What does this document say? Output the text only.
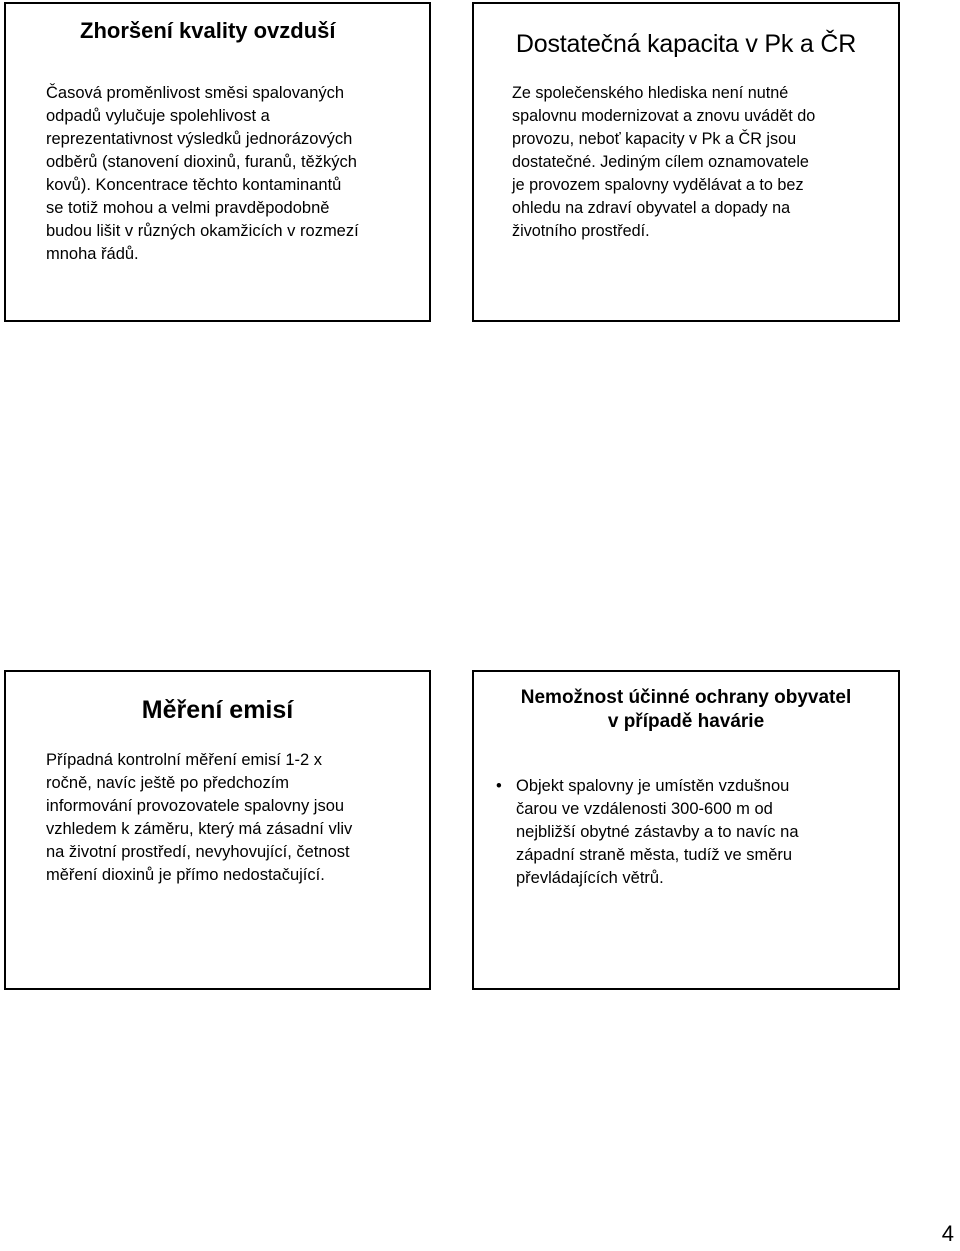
Zhoršení kvality ovzduší

Časová proměnlivost směsi spalovaných
odpadů vylučuje spolehlivost a
reprezentativnost výsledků jednorázových
odběrů (stanovení dioxinů, furanů, těžkých
kovů). Koncentrace těchto kontaminantů
se totiž mohou a velmi pravděpodobně
budou lišit v různých okamžicích v rozmezí
mnoha řádů.

Dostatečná kapacita v Pk a ČR

Ze společenského hlediska není nutné
spalovnu modernizovat a znovu uvádět do
provozu, neboť kapacity v Pk a ČR jsou
dostatečné. Jediným cílem oznamovatele
je provozem spalovny vydělávat a to bez
ohledu na zdraví obyvatel a dopady na
životního prostředí.

Měření emisí

Případná kontrolní měření emisí 1-2 x
ročně, navíc ještě po předchozím
informování provozovatele spalovny jsou
vzhledem k záměru, který má zásadní vliv
na životní prostředí, nevyhovující, četnost
měření dioxinů je přímo nedostačující.

Nemožnost účinné ochrany obyvatel
v případě havárie
• Objekt spalovny je umístěn vzdušnou
čarou ve vzdálenosti 300-600 m od
nejbližší obytné zástavby a to navíc na
západní straně města, tudíž ve směru
převládajících větrů.
4
